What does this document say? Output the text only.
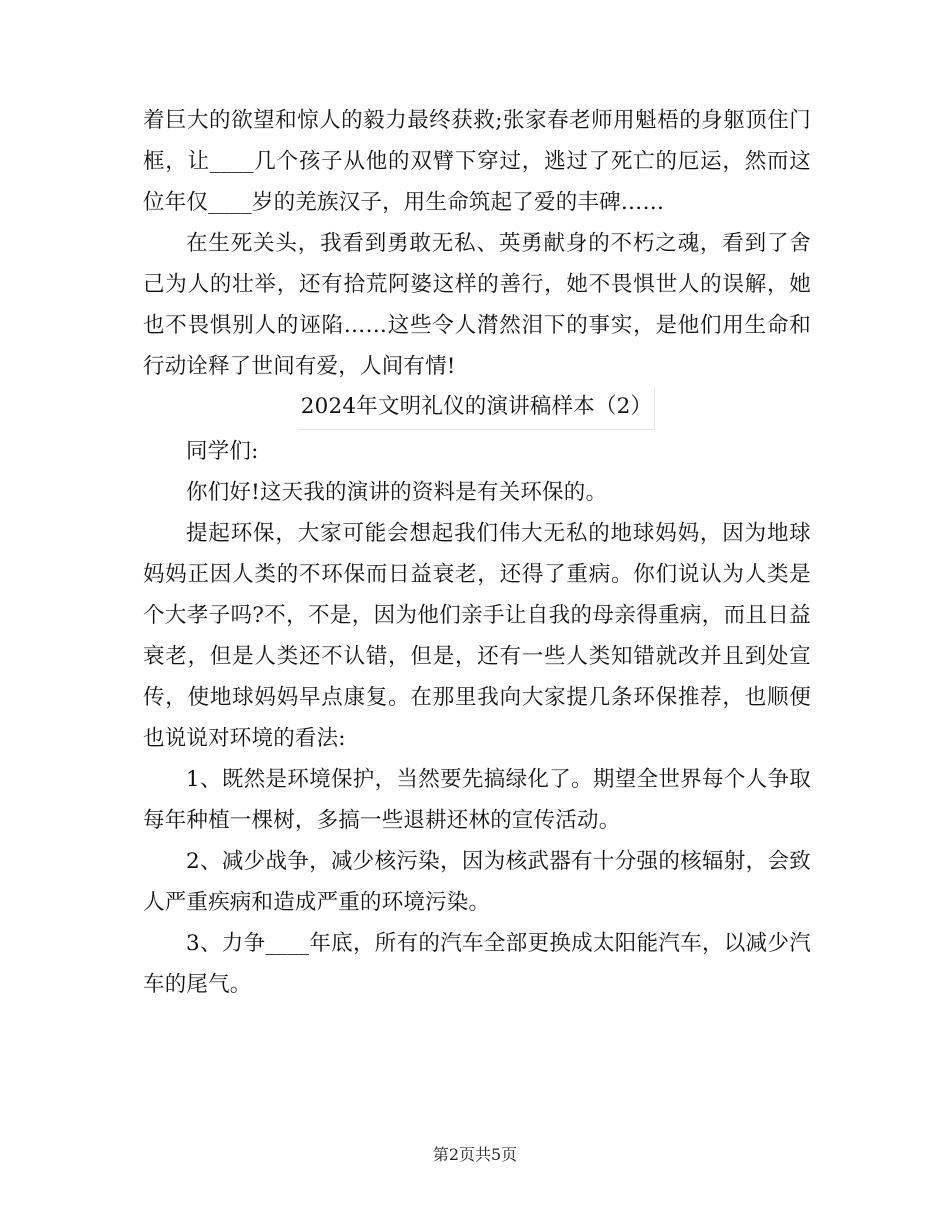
着巨大的欲望和惊人的毅力最终获救;张家春老师用魁梧的身躯顶住门框，让____几个孩子从他的双臂下穿过，逃过了死亡的厄运，然而这位年仅____岁的羌族汉子，用生命筑起了爱的丰碑……

在生死关头，我看到勇敢无私、英勇献身的不朽之魂，看到了舍己为人的壮举，还有拾荒阿婆这样的善行，她不畏惧世人的误解，她也不畏惧别人的诬陷……这些令人潸然泪下的事实，是他们用生命和行动诠释了世间有爱，人间有情!

2024年文明礼仪的演讲稿样本（2）

同学们:

你们好!这天我的演讲的资料是有关环保的。

提起环保，大家可能会想起我们伟大无私的地球妈妈，因为地球妈妈正因人类的不环保而日益衰老，还得了重病。你们说认为人类是个大孝子吗?不，不是，因为他们亲手让自我的母亲得重病，而且日益衰老，但是人类还不认错，但是，还有一些人类知错就改并且到处宣传，使地球妈妈早点康复。在那里我向大家提几条环保推荐，也顺便也说说对环境的看法:

1、既然是环境保护，当然要先搞绿化了。期望全世界每个人争取每年种植一棵树，多搞一些退耕还林的宣传活动。

2、减少战争，减少核污染，因为核武器有十分强的核辐射，会致人严重疾病和造成严重的环境污染。

3、力争____年底，所有的汽车全部更换成太阳能汽车，以减少汽车的尾气。

第2页共5页
